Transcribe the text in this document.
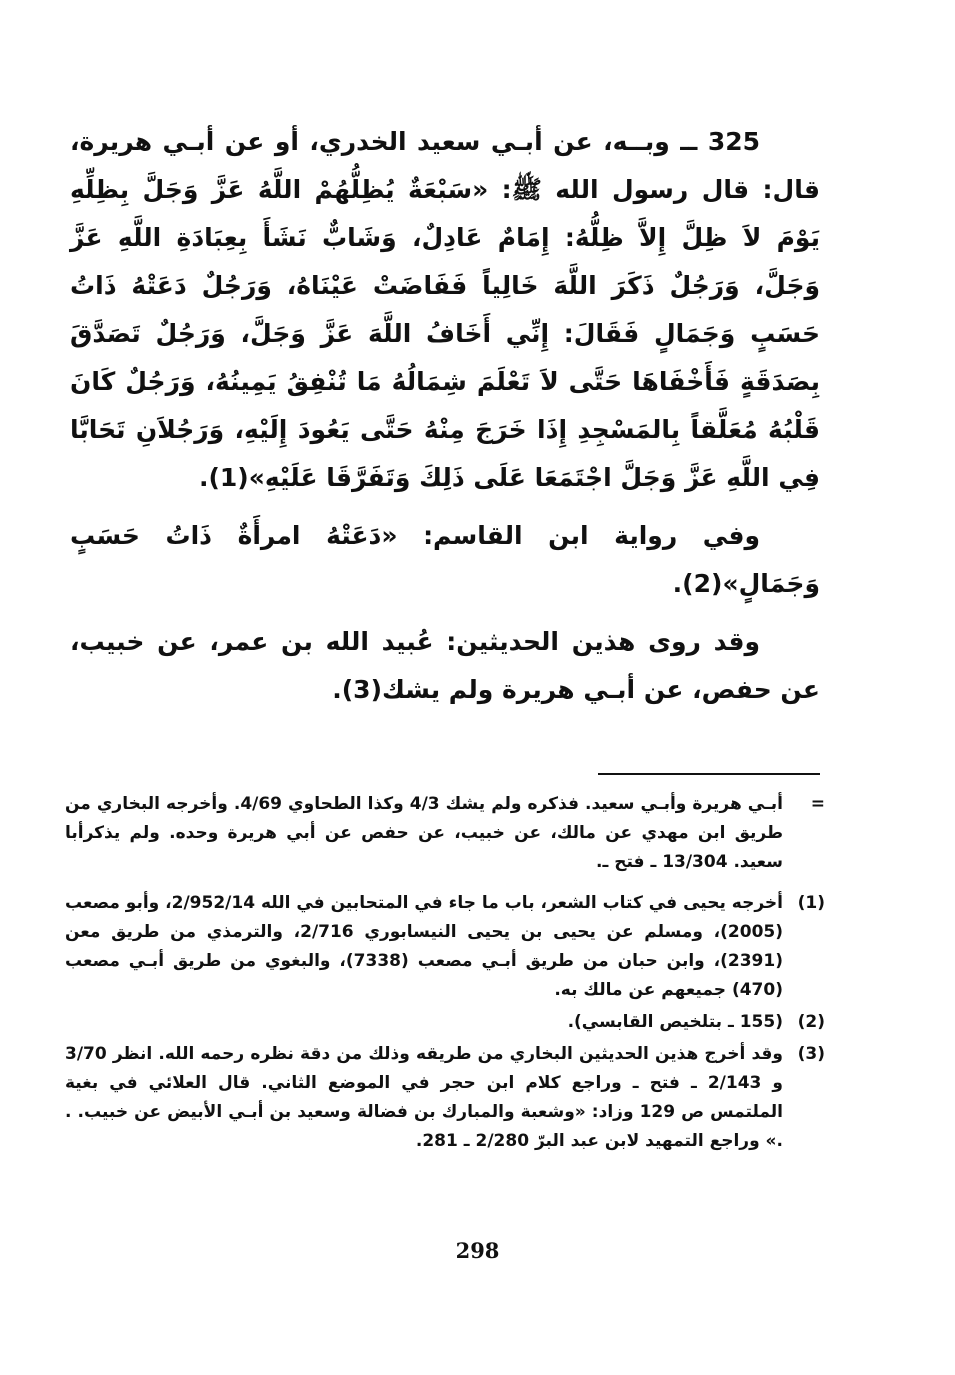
325 ــ وبــه، عن أبـي سعيد الخدري، أو عن أبـي هريرة، قال: قال رسول الله ﷺ: «سَبْعَةٌ يُظِلُّهُمْ اللَّهُ عَزَّ وَجَلَّ بِظِلِّهِ يَوْمَ لاَ ظِلَّ إِلاَّ ظِلُّهُ: إِمَامٌ عَادِلٌ، وَشَابٌّ نَشَأَ بِعِبَادَةِ اللَّهِ عَزَّ وَجَلَّ، وَرَجُلٌ ذَكَرَ اللَّهَ خَالِياً فَفَاضَتْ عَيْنَاهُ، وَرَجُلٌ دَعَتْهُ ذَاتُ حَسَبٍ وَجَمَالٍ فَقَالَ: إِنِّي أَخَافُ اللَّهَ عَزَّ وَجَلَّ، وَرَجُلٌ تَصَدَّقَ بِصَدَقَةٍ فَأَخْفَاهَا حَتَّى لاَ تَعْلَمَ شِمَالُهُ مَا تُنْفِقُ يَمِينُهُ، وَرَجُلٌ كَانَ قَلْبُهُ مُعَلَّقاً بِالمَسْجِدِ إِذَا خَرَجَ مِنْهُ حَتَّى يَعُودَ إِلَيْهِ، وَرَجُلاَنِ تَحَابَّا فِي اللَّهِ عَزَّ وَجَلَّ اجْتَمَعَا عَلَى ذَلِكَ وَتَفَرَّقَا عَلَيْهِ»(1).

وفي رواية ابن القاسم: «دَعَتْهُ امرأَةٌ ذَاتُ حَسَبٍ وَجَمَالٍ»(2).

وقد روى هذين الحديثين: عُبيد الله بن عمر، عن خبيب، عن حفص، عن أبـي هريرة ولم يشك(3).

=
أبـي هريرة وأبـي سعيد. فذكره ولم يشك 4/3 وكذا الطحاوي 4/69. وأخرجه البخاري من طريق ابن مهدي عن مالك، عن خبيب، عن حفص عن أبي هريرة وحده. ولم يذكرأبا سعيد. 13/304 ـ فتح ـ.
(1)
أخرجه يحيى في كتاب الشعر، باب ما جاء في المتحابين في الله 2/952/14، وأبو مصعب (2005)، ومسلم عن يحيى بن يحيى النيسابوري 2/716، والترمذي من طريق معن (2391)، وابن حبان من طريق أبـي مصعب (7338)، والبغوي من طريق أبـي مصعب (470) جميعهم عن مالك به.
(2)
(155 ـ بتلخيص القابسي).
(3)
وقد أخرج هذين الحديثين البخاري من طريقه وذلك من دقة نظره رحمه الله. انظر 3/70 و 2/143 ـ فتح ـ وراجع كلام ابن حجر في الموضع الثاني. قال العلائي في بغية الملتمس ص 129 وزاد: «وشعبة والمبارك بن فضالة وسعيد بن أبـي الأبيض عن خبيب. . .» وراجع التمهيد لابن عبد البرّ 2/280 ـ 281.
298
